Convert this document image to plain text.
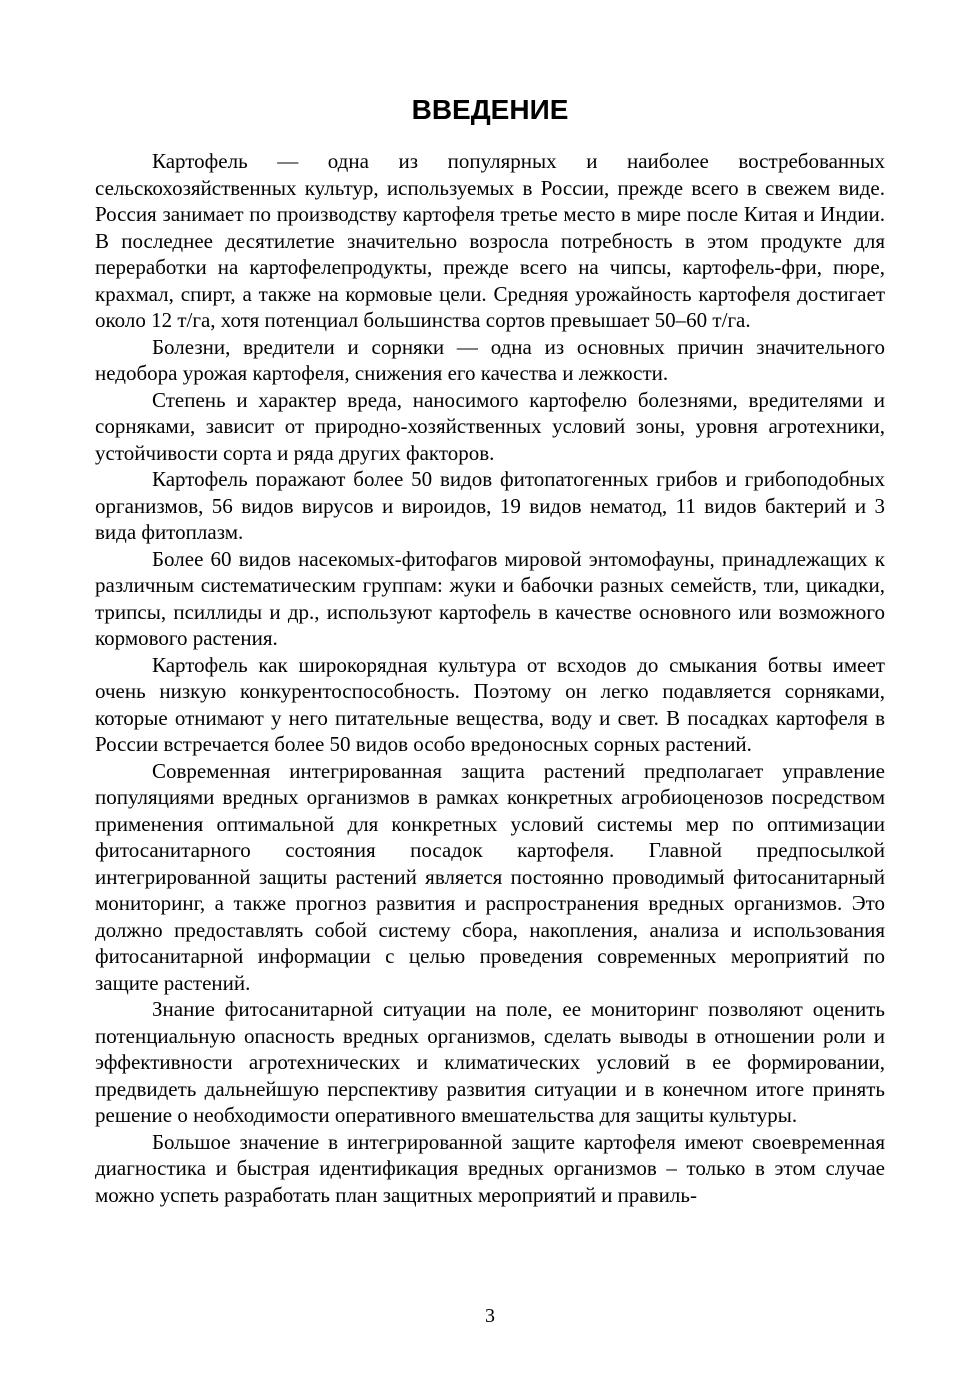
ВВЕДЕНИЕ

Картофель — одна из популярных и наиболее востребованных сельскохозяйственных культур, используемых в России, прежде всего в свежем виде. Россия занимает по производству картофеля третье место в мире после Китая и Индии. В последнее десятилетие значительно возросла потребность в этом продукте для переработки на картофелепродукты, прежде всего на чипсы, картофель-фри, пюре, крахмал, спирт, а также на кормовые цели. Средняя урожайность картофеля достигает около 12 т/га, хотя потенциал большинства сортов превышает 50–60 т/га.

Болезни, вредители и сорняки — одна из основных причин значительного недобора урожая картофеля, снижения его качества и лежкости.

Степень и характер вреда, наносимого картофелю болезнями, вредителями и сорняками, зависит от природно-хозяйственных условий зоны, уровня агротехники, устойчивости сорта и ряда других факторов.

Картофель поражают более 50 видов фитопатогенных грибов и грибоподобных организмов, 56 видов вирусов и вироидов, 19 видов нематод, 11 видов бактерий и 3 вида фитоплазм.

Более 60 видов насекомых-фитофагов мировой энтомофауны, принадлежащих к различным систематическим группам: жуки и бабочки разных семейств, тли, цикадки, трипсы, псиллиды и др., используют картофель в качестве основного или возможного кормового растения.

Картофель как широкорядная культура от всходов до смыкания ботвы имеет очень низкую конкурентоспособность. Поэтому он легко подавляется сорняками, которые отнимают у него питательные вещества, воду и свет. В посадках картофеля в России встречается более 50 видов особо вредоносных сорных растений.

Современная интегрированная защита растений предполагает управление популяциями вредных организмов в рамках конкретных агробиоценозов посредством применения оптимальной для конкретных условий системы мер по оптимизации фитосанитарного состояния посадок картофеля. Главной предпосылкой интегрированной защиты растений является постоянно проводимый фитосанитарный мониторинг, а также прогноз развития и распространения вредных организмов. Это должно предоставлять собой систему сбора, накопления, анализа и использования фитосанитарной информации с целью проведения современных мероприятий по защите растений.

Знание фитосанитарной ситуации на поле, ее мониторинг позволяют оценить потенциальную опасность вредных организмов, сделать выводы в отношении роли и эффективности агротехнических и климатических условий в ее формировании, предвидеть дальнейшую перспективу развития ситуации и в конечном итоге принять решение о необходимости оперативного вмешательства для защиты культуры.

Большое значение в интегрированной защите картофеля имеют своевременная диагностика и быстрая идентификация вредных организмов – только в этом случае можно успеть разработать план защитных мероприятий и правиль-

3
